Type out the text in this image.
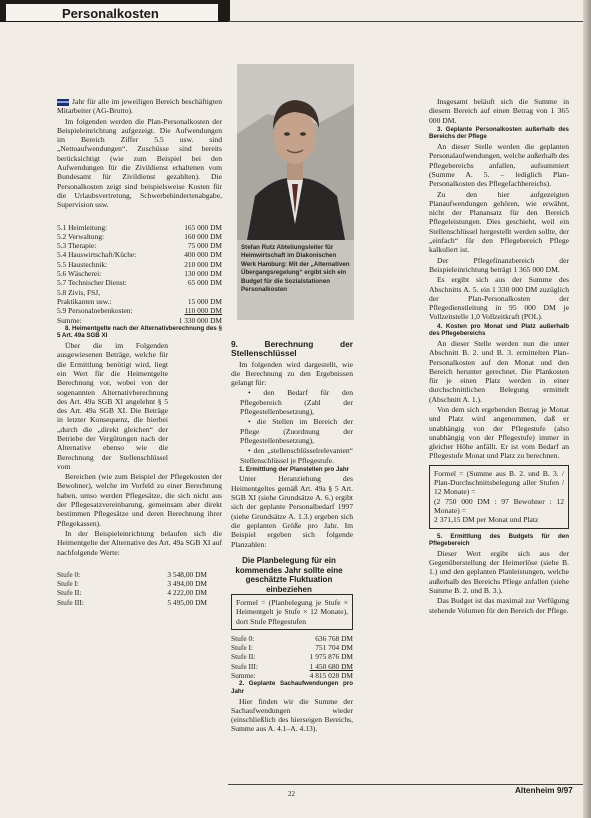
Personalkosten

Jahr für alle im jeweiligen Bereich beschäftigten Mitarbeiter (AG-Brutto).

Im folgenden werden die Plan-Personalkosten der Beispieleinrichtung aufgezeigt. Die Aufwendungen im Bereich Ziffer 5.5 usw. sind „Nettoaufwendungen“. Zuschüsse sind bereits berücksichtigt (wie zum Beispiel bei den Aufwendungen für die Zivildienst erhaltenen vom Bundesamt für Zivildienst gezahlten). Die Personalkosten zeigt sind beispielsweise Kosten für die Urlaubsvertretung, Schwerbehindertenabgabe, Supervision usw.

5.1 Heimleitung:	165 000 DM
5.2 Verwaltung:	160 000 DM
5.3 Therapie:	75 000 DM
5.4 Hauswirtschaft/Küche:	400 000 DM
5.5 Haustechnik:	210 000 DM
5.6 Wäscherei:	130 000 DM
5.7 Technischer Dienst:	65 000 DM
5.8 Zivis, FSJ,	
Praktikanten usw.:	15 000 DM
5.9 Personalnebenkosten:	110 000 DM
Summe:	1 330 000 DM

8. Heimentgelte nach der Alternativberechnung des § 5 Art. 49a SGB XI

Über die im Folgenden ausgewiesenen Beträge, welche für die Ermittlung benötigt wird, liegt ein Wert für die Heimentgelte Berechnung vor, wobei von der sogenannten Alternativberechnung des Art. 49a SGB XI angelehnt § 5 des Art. 49a SGB XI. Die Beträge in letzter Konsequenz, die hierbei „durch die „direkt gleichen“ der Betriebe der Vergütungen nach der Alternative ebenso wie die Berechnung der Stellenschlüssel vom

Bereichen (wie zum Beispiel der Pflegekosten der Bewohner), welche im Vorfeld zu einer Berechnung haben, umso werden Pflegesätze, die sich nicht aus der Pflegesatzvereinbarung, gemeinsam aber direkt bestimmen Pflegesätze und deren Berechnung ihrer Pflegekassen).

In der Beispieleinrichtung belaufen sich die Heimentgelte der Alternative des Art. 49a SGB XI auf nachfolgende Werte:

Stufe 0:	3 548,00 DM
Stufe I:	3 494,00 DM
Stufe II:	4 222,00 DM
Stufe III:	5 495,00 DM
Stefan Rutz Abteilungsleiter für Heimwirtschaft im Diakonischen Werk Hamburg: Mit der „Alternativen Übergangsregelung“ ergibt sich ein Budget für die Sozialstationen Personalkosten

9. Berechnung der Stellenschlüssel

Im folgenden wird dargestellt, wie die Berechnung zu den Ergebnissen gelangt für:

• den Bedarf für den Pflegebereich (Zahl der Pflegestellenbesetzung),

• die Stellen im Bereich der Pflege (Zuordnung der Pflegestellenbesetzung),

• den „stellenschlüsselrelevanten“ Stellenschlüssel je Pflegestufe.

1. Ermittlung der Planstellen pro Jahr

Unter Heranziehung des Heimentgeltes gemäß Art. 49a § 5 Art. SGB XI (siehe Grundsätze A. 6.) ergibt sich der geplante Personalbedarf 1997 (siehe Grundsätze A. 1.3.) ergeben sich die geplanten Größe pro Jahr. Im Beispiel ergeben sich folgende Planzahlen:

Die Planbelegung für ein kommendes Jahr sollte eine geschätzte Fluktuation einbeziehen
Formel = (Planbelegung je Stufe × Heimentgelt je Stufe × 12 Monate), dort Stufe Pflegestufen
Stufe 0:	636 768 DM
Stufe I:	751 704 DM
Stufe II:	1 975 876 DM
Stufe III:	1 450 680 DM
Summe:	4 815 028 DM

2. Geplante Sachaufwendungen pro Jahr

Hier finden wir die Summe der Sachaufwendungen wieder (einschließlich des hierseigen Bereichs, Summe aus A. 4.1–A. 4.13).

Insgesamt beläuft sich die Summe in diesem Bereich auf einen Betrag von 1 365 000 DM.

3. Geplante Personalkosten außerhalb des Bereichs der Pflege

An dieser Stelle werden die geplanten Personalaufwendungen, welche außerhalb des Pflegebereichs anfallen, aufsummiert (Summe A. 5. – lediglich Plan-Personalkosten des Pflegefachbereichs).

Zu den hier aufgezeigten Planaufwendungen gehören, wie erwähnt, nicht der Planansatz für den Bereich Pflegeleistungen. Dies geschieht, weil ein Stellenschlüssel hergestellt werden sollte, der „einfach“ für den Pflegebereich Pflege kalkuliert ist.

Der Pflegefinanzbereich der Beispieleinrichtung beträgt 1 365 000 DM.

Es ergibt sich aus der Summe des Abschnitts A. 5. ein 1 330 000 DM zuzüglich der Plan-Personalkosten der Pflegedienstleitung in 95 000 DM je Vollzeitstelle 1,0 Vollzeitkraft (POL).

4. Kosten pro Monat und Platz außerhalb des Pflegebereichs

An dieser Stelle werden nun die unter Abschnitt B. 2. und B. 3. ermittelten Plan-Personalkosten auf den Monat und den Bereich herunter gerechnet. Die Plankosten für je einen Platz werden in einer durchschnittlichen Belegung ermittelt (Abschnitt A. 1.).

Von dem sich ergebenden Betrag je Monat und Platz wird angenommen, daß er unabhängig von der Pflegestufe (also unabhängig von der Pflegestufe) immer in gleicher Höhe anfällt. Er ist vom Bedarf an Pflegestufe Monat und Platz zu berechnen.

Formel = (Summe aus B. 2. und B. 3. / Plan-Durchschnittsbelegung aller Stufen / 12 Monate) =
(2 750 000 DM : 97 Bewohner : 12 Monate) =
2 371,15 DM per Monat und Platz

5. Ermittlung des Budgets für den Pflegebereich

Dieser Wert ergibt sich aus der Gegenüberstellung der Heimerlöse (siehe B. 1.) und den geplanten Planleistungen, welche außerhalb des Bereichs Pflege anfallen (siehe Summe B. 2. und B. 3.).

Das Budget ist das maximal zur Verfügung stehende Volumen für den Bereich der Pflege.

22	Altenheim 9/97
